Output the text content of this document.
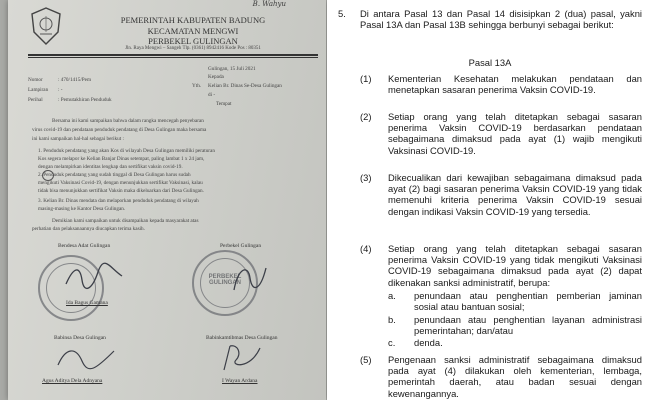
B. Wahyu
PEMERINTAH KABUPATEN BADUNG
KECAMATAN MENGWI
PERBEKEL GULINGAN
Jln. Raya Mengwi – Sangeh Tlp. (0361) 8942416 Kode Pos : 80351
Gulingan, 15 Juli 2021
Kepada
Yth. Kelian Br. Dinas Se-Desa Gulingan
di -
Tempat
Nomor	: 470/1415/Pem
Lampiran : -
Perihal	: Pemutakhiran Penduduk
Bersama ini kami sampaikan bahwa dalam rangka mencegah penyebaran
virus covid-19 dan pendataan penduduk pendatang di Desa Gulingan maka bersama
ini kami sampaikan hal-hal sebagai berikut :
1. Penduduk pendatang yang akan Kos di wilayah Desa Gulingan memiliki peraturan
Kos segera melapor ke Kelian Banjar Dinas setempat, paling lambat 1 x 24 jam,
dengan melampirkan identitas lengkap dan sertifikat vaksin covid-19.
2. Penduduk pendatang yang sudah tinggal di Desa Gulingan harus sudah
mengikuti Vaksinasi Covid-19, dengan menunjukkan sertifikat Vaksinasi, kalau
tidak bisa menunjukkan sertifikat Vaksin maka dikeluarkan dari Desa Gulingan.
3. Kelian Br. Dinas mendata dan melaporkan penduduk pendatang di wilayah
masing-masing ke Kantor Desa Gulingan.
Demikian kami sampaikan untuk disampaikan kepada masyarakat atas
perhatian dan pelaksanaannya diucapkan terima kasih.
Bendesa Adat Gulingan	Perbekel Gulingan
Ida Bagus Gamana
PERBEKEL GULINGAN
Babinsa Desa Gulingan	Babinkamtibmas Desa Gulingan
Agus Aditya Dela Adnyana	I Wayan Ardana
5. Di antara Pasal 13 dan Pasal 14 disisipkan 2 (dua) pasal, yakni Pasal 13A dan Pasal 13B sehingga berbunyi sebagai berikut:
Pasal 13A
(1) Kementerian Kesehatan melakukan pendataan dan menetapkan sasaran penerima Vaksin COVID-19.
(2) Setiap orang yang telah ditetapkan sebagai sasaran penerima Vaksin COVID-19 berdasarkan pendataan sebagaimana dimaksud pada ayat (1) wajib mengikuti Vaksinasi COVID-19.
(3) Dikecualikan dari kewajiban sebagaimana dimaksud pada ayat (2) bagi sasaran penerima Vaksin COVID-19 yang tidak memenuhi kriteria penerima Vaksin COVID-19 sesuai dengan indikasi Vaksin COVID-19 yang tersedia.
(4) Setiap orang yang telah ditetapkan sebagai sasaran penerima Vaksin COVID-19 yang tidak mengikuti Vaksinasi COVID-19 sebagaimana dimaksud pada ayat (2) dapat dikenakan sanksi administratif, berupa:
a. penundaan atau penghentian pemberian jaminan sosial atau bantuan sosial;
b. penundaan atau penghentian layanan administrasi pemerintahan; dan/atau
c. denda.
(5) Pengenaan sanksi administratif sebagaimana dimaksud pada ayat (4) dilakukan oleh kementerian, lembaga, pemerintah daerah, atau badan sesuai dengan kewenangannya.
